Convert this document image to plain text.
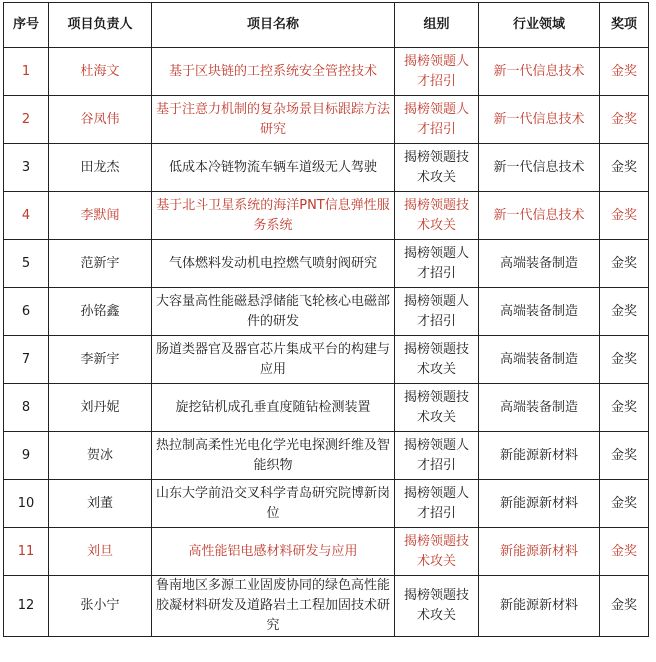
序号	项目负责人	项目名称	组别	行业领域	奖项
1	杜海文	基于区块链的工控系统安全管控技术	揭榜领题人才招引	新一代信息技术	金奖
2	谷凤伟	基于注意力机制的复杂场景目标跟踪方法研究	揭榜领题人才招引	新一代信息技术	金奖
3	田龙杰	低成本冷链物流车辆车道级无人驾驶	揭榜领题技术攻关	新一代信息技术	金奖
4	李默闻	基于北斗卫星系统的海洋PNT信息弹性服务系统	揭榜领题技术攻关	新一代信息技术	金奖
5	范新宇	气体燃料发动机电控燃气喷射阀研究	揭榜领题人才招引	高端装备制造	金奖
6	孙铭鑫	大容量高性能磁悬浮储能飞轮核心电磁部件的研发	揭榜领题人才招引	高端装备制造	金奖
7	李新宇	肠道类器官及器官芯片集成平台的构建与应用	揭榜领题技术攻关	高端装备制造	金奖
8	刘丹妮	旋挖钻机成孔垂直度随钻检测装置	揭榜领题技术攻关	高端装备制造	金奖
9	贺冰	热拉制高柔性光电化学光电探测纤维及智能织物	揭榜领题人才招引	新能源新材料	金奖
10	刘董	山东大学前沿交叉科学青岛研究院博新岗位	揭榜领题人才招引	新能源新材料	金奖
11	刘旦	高性能铝电感材料研发与应用	揭榜领题技术攻关	新能源新材料	金奖
12	张小宁	鲁南地区多源工业固废协同的绿色高性能胶凝材料研发及道路岩土工程加固技术研究	揭榜领题技术攻关	新能源新材料	金奖
